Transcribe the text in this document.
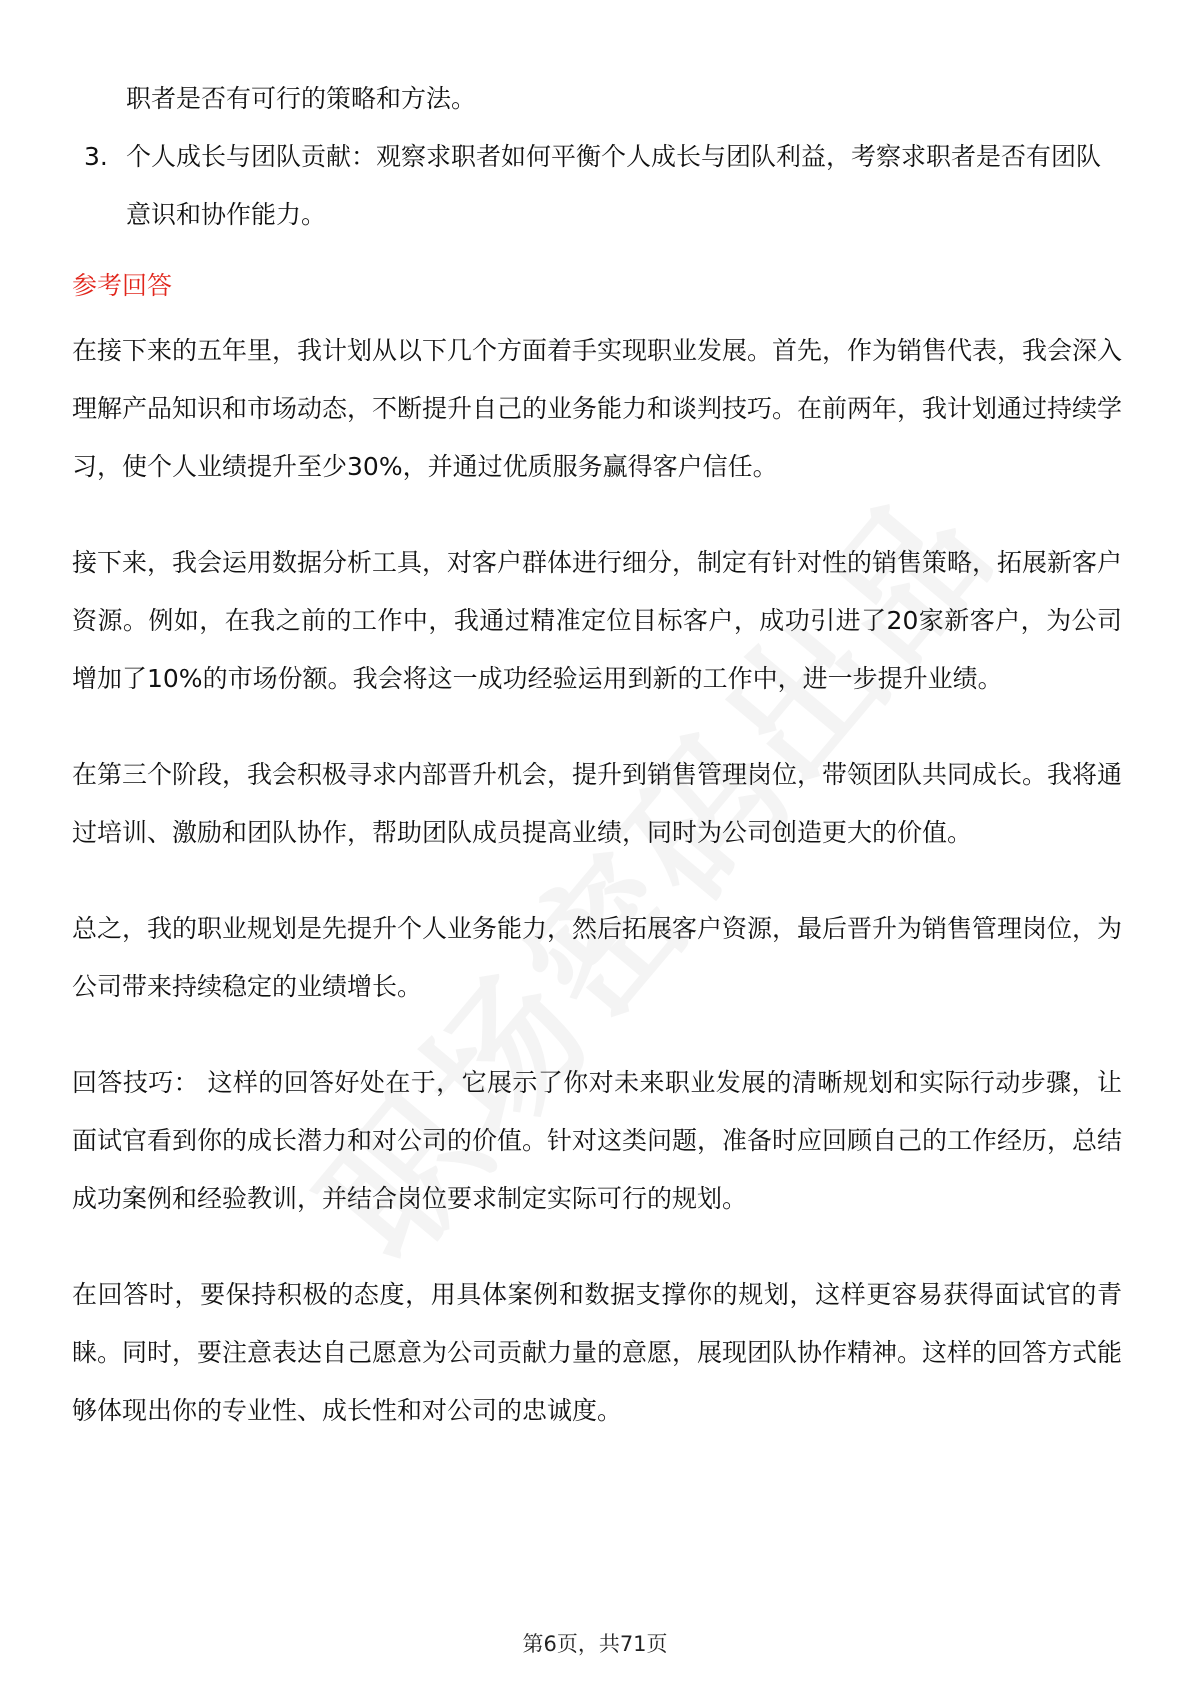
职者是否有可行的策略和方法。
3. 个人成长与团队贡献：观察求职者如何平衡个人成长与团队利益，考察求职者是否有团队意识和协作能力。
参考回答

在接下来的五年里，我计划从以下几个方面着手实现职业发展。首先，作为销售代表，我会深入理解产品知识和市场动态，不断提升自己的业务能力和谈判技巧。在前两年，我计划通过持续学习，使个人业绩提升至少30%，并通过优质服务赢得客户信任。

接下来，我会运用数据分析工具，对客户群体进行细分，制定有针对性的销售策略，拓展新客户资源。例如，在我之前的工作中，我通过精准定位目标客户，成功引进了20家新客户，为公司增加了10%的市场份额。我会将这一成功经验运用到新的工作中，进一步提升业绩。

在第三个阶段，我会积极寻求内部晋升机会，提升到销售管理岗位，带领团队共同成长。我将通过培训、激励和团队协作，帮助团队成员提高业绩，同时为公司创造更大的价值。

总之，我的职业规划是先提升个人业务能力，然后拓展客户资源，最后晋升为销售管理岗位，为公司带来持续稳定的业绩增长。

回答技巧： 这样的回答好处在于，它展示了你对未来职业发展的清晰规划和实际行动步骤，让面试官看到你的成长潜力和对公司的价值。针对这类问题，准备时应回顾自己的工作经历，总结成功案例和经验教训，并结合岗位要求制定实际可行的规划。

在回答时，要保持积极的态度，用具体案例和数据支撑你的规划，这样更容易获得面试官的青睐。同时，要注意表达自己愿意为公司贡献力量的意愿，展现团队协作精神。这样的回答方式能够体现出你的专业性、成长性和对公司的忠诚度。

第6页，共71页
